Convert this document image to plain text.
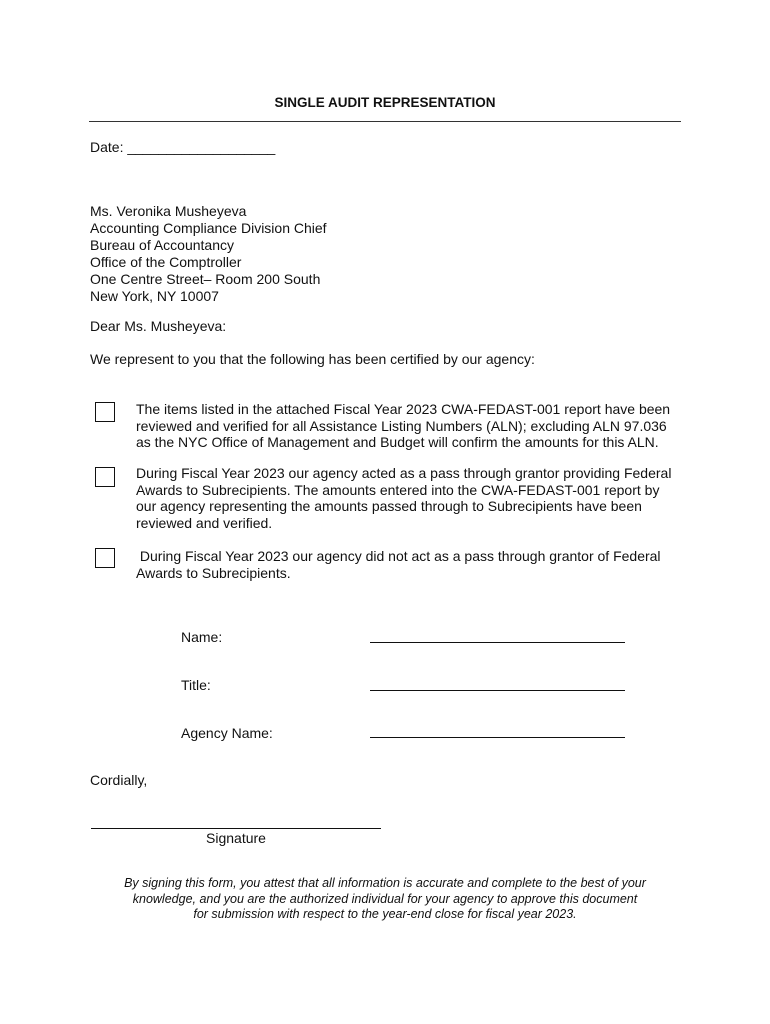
SINGLE AUDIT REPRESENTATION
Date: ___________________
Ms. Veronika Musheyeva
Accounting Compliance Division Chief
Bureau of Accountancy
Office of the Comptroller
One Centre Street– Room 200 South
New York, NY 10007
Dear Ms. Musheyeva:
We represent to you that the following has been certified by our agency:
The items listed in the attached Fiscal Year 2023 CWA-FEDAST-001 report have been
reviewed and verified for all Assistance Listing Numbers (ALN); excluding ALN 97.036
as the NYC Office of Management and Budget will confirm the amounts for this ALN.
During Fiscal Year 2023 our agency acted as a pass through grantor providing Federal
Awards to Subrecipients. The amounts entered into the CWA-FEDAST-001 report by
our agency representing the amounts passed through to Subrecipients have been
reviewed and verified.
During Fiscal Year 2023 our agency did not act as a pass through grantor of Federal
Awards to Subrecipients.
Name:
Title:
Agency Name:
Cordially,
Signature
By signing this form, you attest that all information is accurate and complete to the best of your
knowledge, and you are the authorized individual for your agency to approve this document
for submission with respect to the year-end close for fiscal year 2023.
